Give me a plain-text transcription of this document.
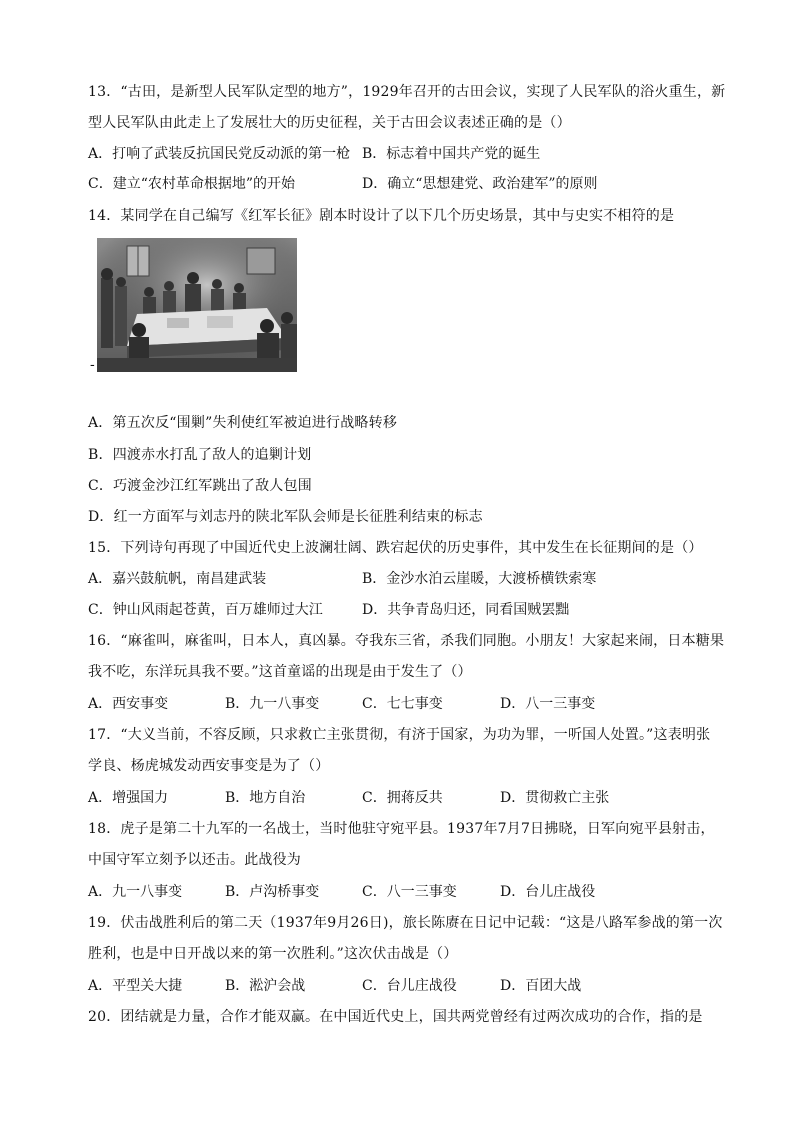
13．“古田，是新型人民军队定型的地方”，1929年召开的古田会议，实现了人民军队的浴火重生，新
型人民军队由此走上了发展壮大的历史征程，关于古田会议表述正确的是（）
A．打响了武装反抗国民党反动派的第一枪 B．标志着中国共产党的诞生
C．建立“农村革命根据地”的开始	D．确立“思想建党、政治建军”的原则
14．某同学在自己编写《红军长征》剧本时设计了以下几个历史场景，其中与史实不相符的是
-
A．第五次反“围剿”失利使红军被迫进行战略转移
B．四渡赤水打乱了敌人的追剿计划
C．巧渡金沙江红军跳出了敌人包围
D．红一方面军与刘志丹的陕北军队会师是长征胜利结束的标志
15．下列诗句再现了中国近代史上波澜壮阔、跌宕起伏的历史事件，其中发生在长征期间的是（）
A．嘉兴鼓航帆，南昌建武装	B．金沙水泊云崖暖，大渡桥横铁索寒
C．钟山风雨起苍黄，百万雄师过大江	D．共争青岛归还，同看国贼罢黜
16．“麻雀叫，麻雀叫，日本人，真凶暴。夺我东三省，杀我们同胞。小朋友！大家起来闹，日本糖果
我不吃，东洋玩具我不要。”这首童谣的出现是由于发生了（）
A．西安事变	B．九一八事变	C．七七事变	D．八一三事变
17．“大义当前，不容反顾，只求救亡主张贯彻，有济于国家，为功为罪，一听国人处置。”这表明张
学良、杨虎城发动西安事变是为了（）
A．增强国力	B．地方自治	C．拥蒋反共	D．贯彻救亡主张
18．虎子是第二十九军的一名战士，当时他驻守宛平县。1937年7月7日拂晓，日军向宛平县射击，
中国守军立刻予以还击。此战役为
A．九一八事变	B．卢沟桥事变	C．八一三事变	D．台儿庄战役
19．伏击战胜利后的第二天（1937年9月26日)，旅长陈赓在日记中记载：“这是八路军参战的第一次
胜利，也是中日开战以来的第一次胜利。”这次伏击战是（）
A．平型关大捷	B．淞沪会战	C．台儿庄战役	D．百团大战
20．团结就是力量，合作才能双赢。在中国近代史上，国共两党曾经有过两次成功的合作，指的是
